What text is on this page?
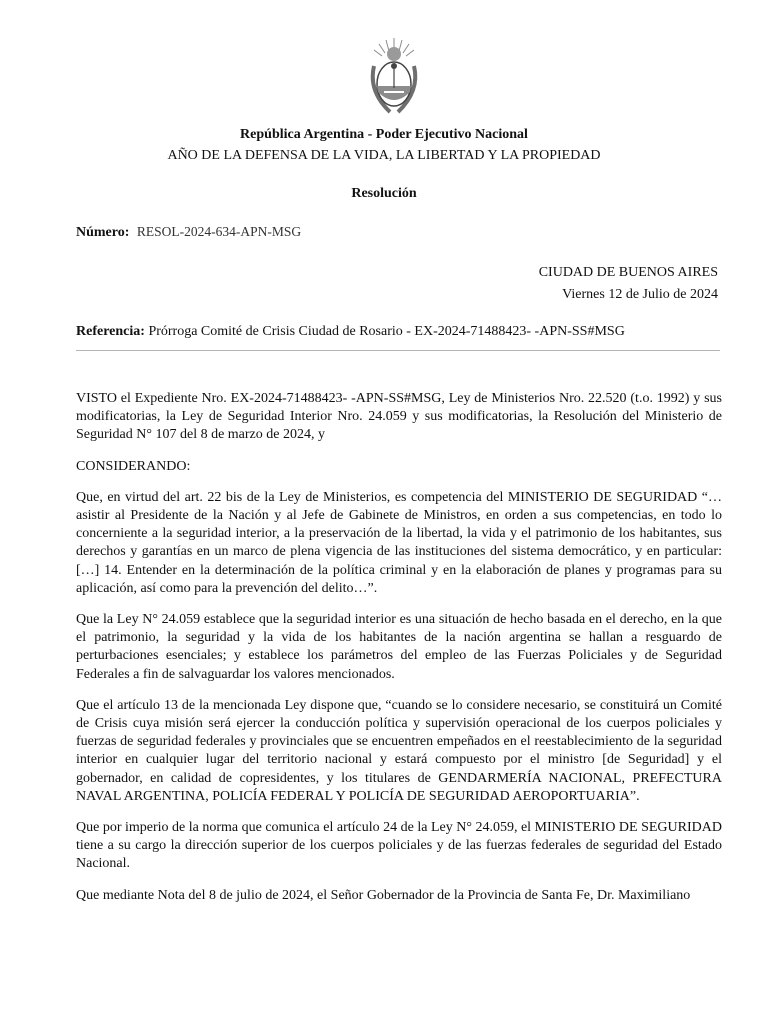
República Argentina - Poder Ejecutivo Nacional
AÑO DE LA DEFENSA DE LA VIDA, LA LIBERTAD Y LA PROPIEDAD
Resolución
Número: RESOL-2024-634-APN-MSG
CIUDAD DE BUENOS AIRES
Viernes 12 de Julio de 2024
Referencia: Prórroga Comité de Crisis Ciudad de Rosario - EX-2024-71488423- -APN-SS#MSG

VISTO el Expediente Nro. EX-2024-71488423- -APN-SS#MSG, Ley de Ministerios Nro. 22.520 (t.o. 1992) y sus modificatorias, la Ley de Seguridad Interior Nro. 24.059 y sus modificatorias, la Resolución del Ministerio de Seguridad N° 107 del 8 de marzo de 2024, y

CONSIDERANDO:

Que, en virtud del art. 22 bis de la Ley de Ministerios, es competencia del MINISTERIO DE SEGURIDAD “… asistir al Presidente de la Nación y al Jefe de Gabinete de Ministros, en orden a sus competencias, en todo lo concerniente a la seguridad interior, a la preservación de la libertad, la vida y el patrimonio de los habitantes, sus derechos y garantías en un marco de plena vigencia de las instituciones del sistema democrático, y en particular: […] 14. Entender en la determinación de la política criminal y en la elaboración de planes y programas para su aplicación, así como para la prevención del delito…”.

Que la Ley N° 24.059 establece que la seguridad interior es una situación de hecho basada en el derecho, en la que el patrimonio, la seguridad y la vida de los habitantes de la nación argentina se hallan a resguardo de perturbaciones esenciales; y establece los parámetros del empleo de las Fuerzas Policiales y de Seguridad Federales a fin de salvaguardar los valores mencionados.

Que el artículo 13 de la mencionada Ley dispone que, “cuando se lo considere necesario, se constituirá un Comité de Crisis cuya misión será ejercer la conducción política y supervisión operacional de los cuerpos policiales y fuerzas de seguridad federales y provinciales que se encuentren empeñados en el reestablecimiento de la seguridad interior en cualquier lugar del territorio nacional y estará compuesto por el ministro [de Seguridad] y el gobernador, en calidad de copresidentes, y los titulares de GENDARMERÍA NACIONAL, PREFECTURA NAVAL ARGENTINA, POLICÍA FEDERAL Y POLICÍA DE SEGURIDAD AEROPORTUARIA”.

Que por imperio de la norma que comunica el artículo 24 de la Ley N° 24.059, el MINISTERIO DE SEGURIDAD tiene a su cargo la dirección superior de los cuerpos policiales y de las fuerzas federales de seguridad del Estado Nacional.

Que mediante Nota del 8 de julio de 2024, el Señor Gobernador de la Provincia de Santa Fe, Dr. Maximiliano
